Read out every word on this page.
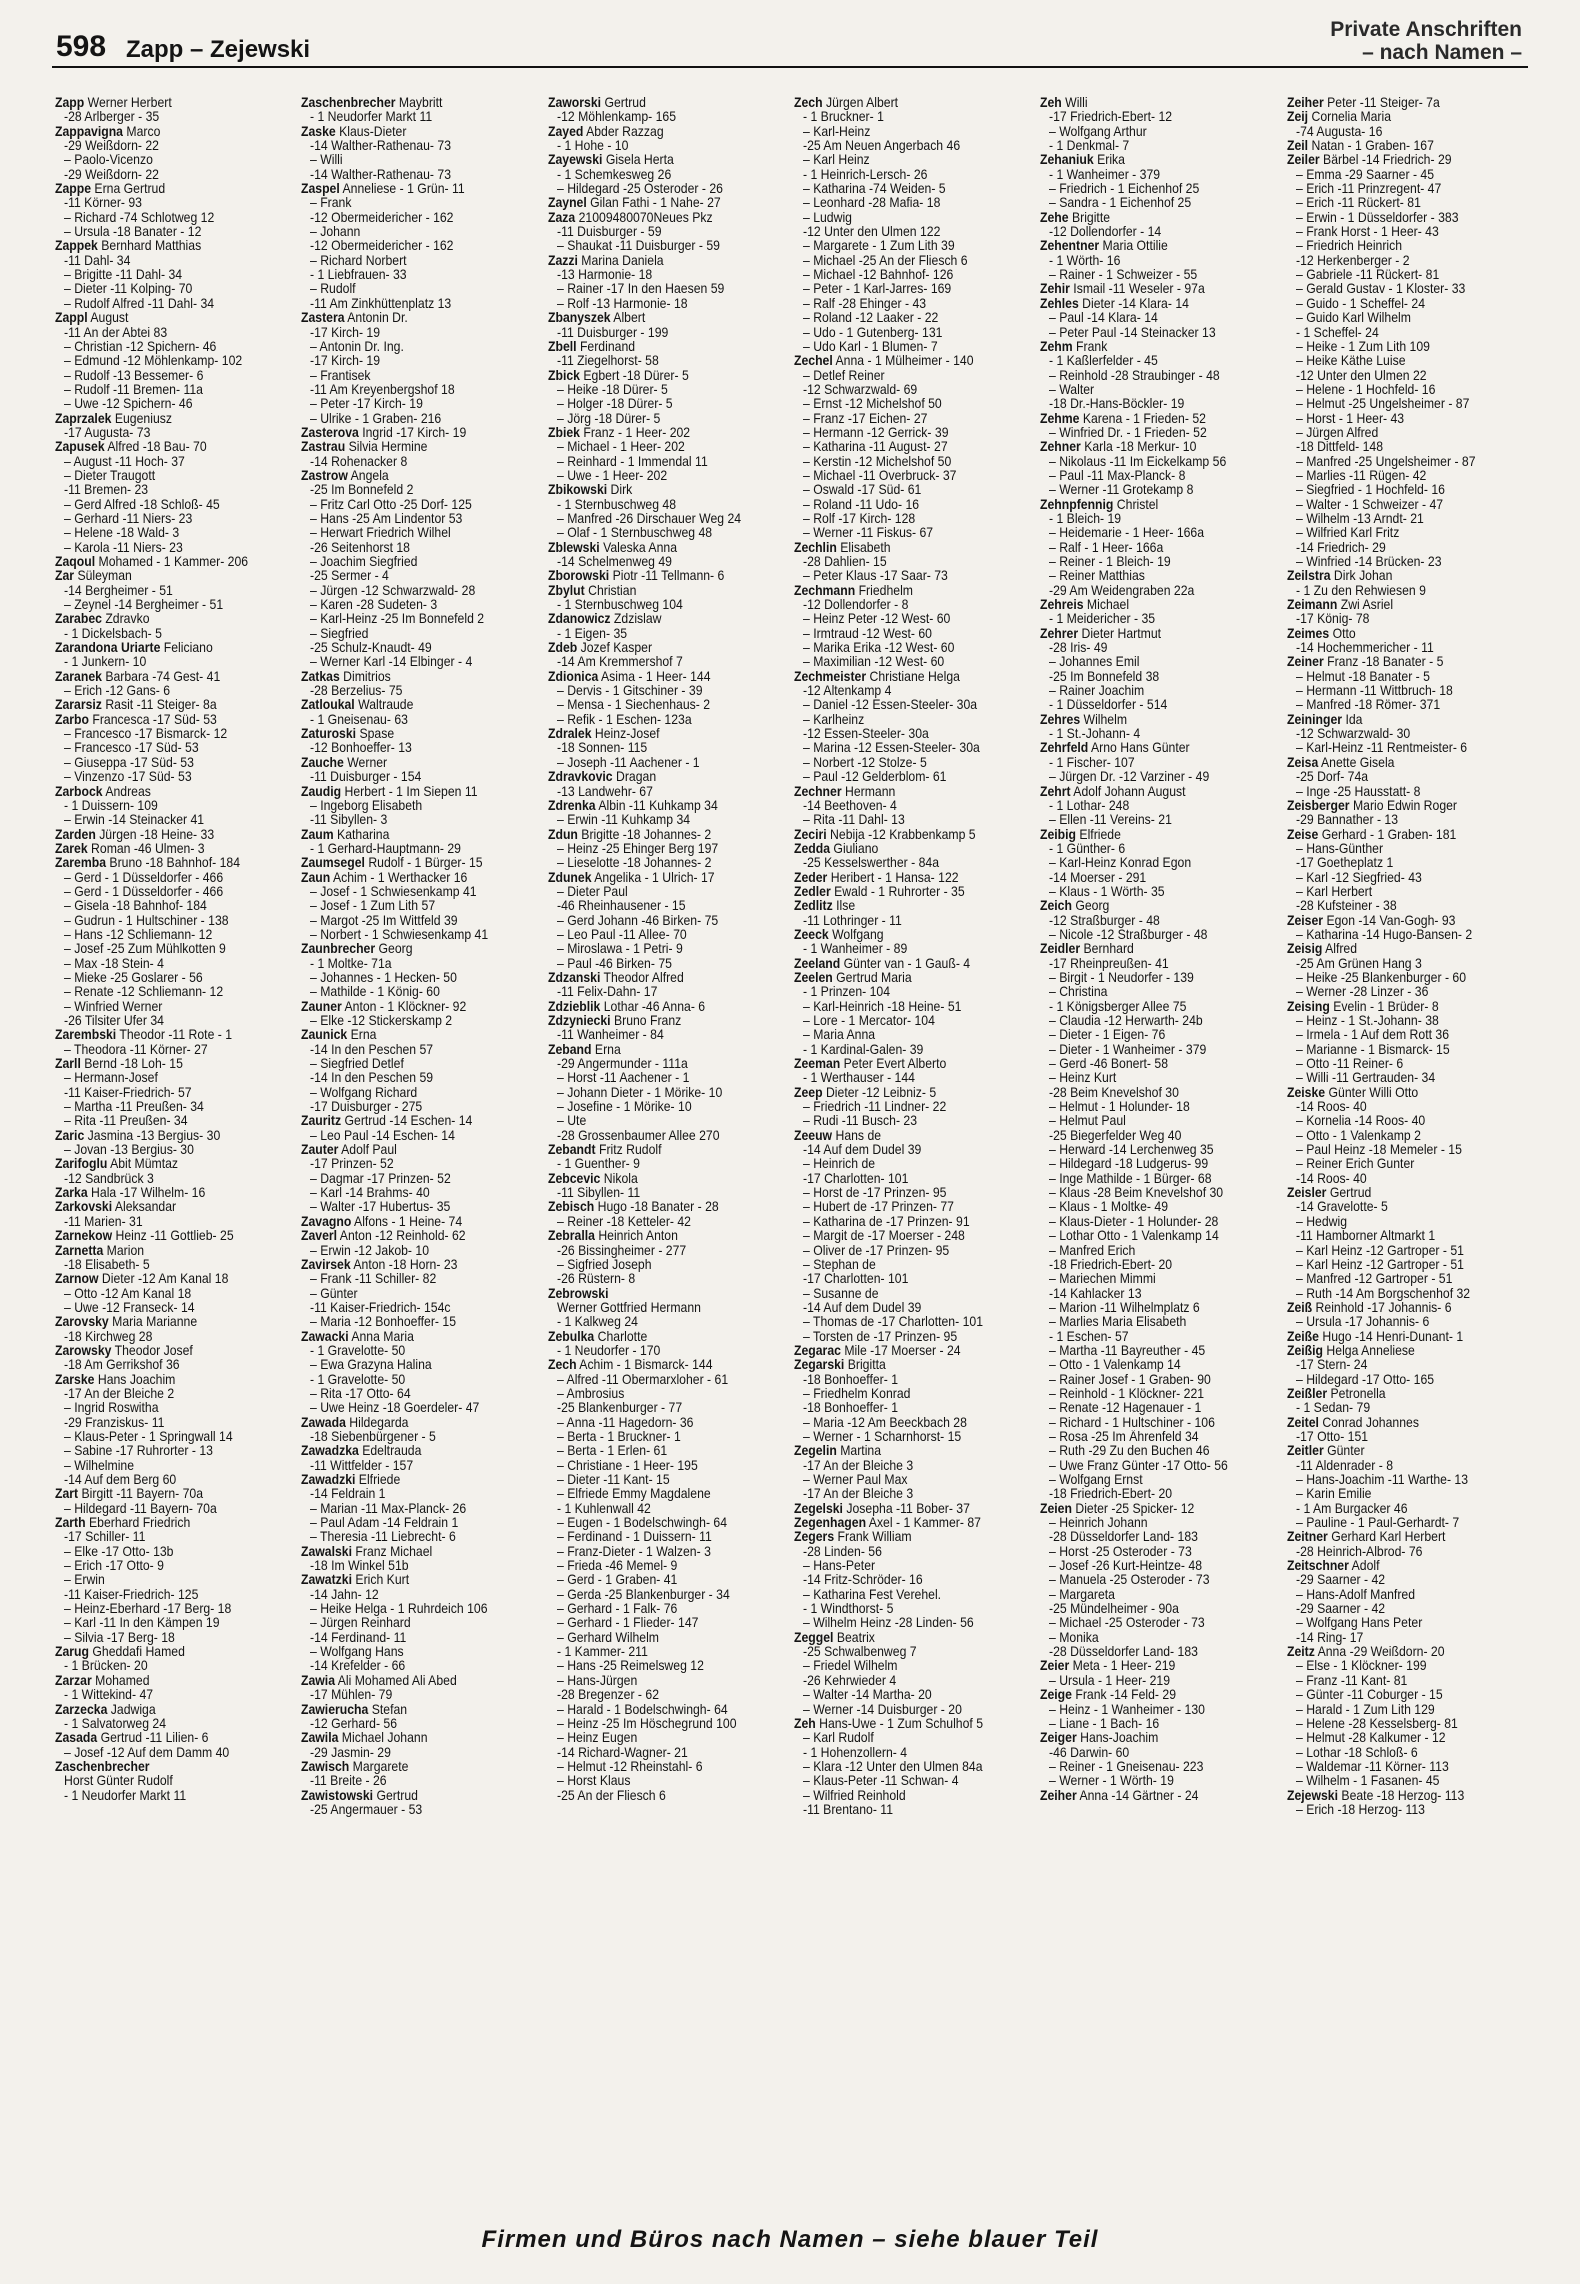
598 Zapp – Zejewski
Private Anschriften
– nach Namen –
Zapp Werner Herbert
-28 Arlberger - 35
Zappavigna Marco
-29 Weißdorn- 22
– Paolo-Vicenzo
-29 Weißdorn- 22
Zappe Erna Gertrud
-11 Körner- 93
– Richard -74 Schlotweg 12
– Ursula -18 Banater - 12
Zappek Bernhard Matthias
-11 Dahl- 34
– Brigitte -11 Dahl- 34
– Dieter -11 Kolping- 70
– Rudolf Alfred -11 Dahl- 34
Zappl August
-11 An der Abtei 83
– Christian -12 Spichern- 46
– Edmund -12 Möhlenkamp- 102
– Rudolf -13 Bessemer- 6
– Rudolf -11 Bremen- 11a
– Uwe -12 Spichern- 46
Zaprzalek Eugeniusz
-17 Augusta- 73
Zapusek Alfred -18 Bau- 70
– August -11 Hoch- 37
– Dieter Traugott
-11 Bremen- 23
– Gerd Alfred -18 Schloß- 45
– Gerhard -11 Niers- 23
– Helene -18 Wald- 3
– Karola -11 Niers- 23
Zaqoul Mohamed - 1 Kammer- 206
Zar Süleyman
-14 Bergheimer - 51
– Zeynel -14 Bergheimer - 51
Zarabec Zdravko
- 1 Dickelsbach- 5
Zarandona Uriarte Feliciano
- 1 Junkern- 10
Zaranek Barbara -74 Gest- 41
– Erich -12 Gans- 6
Zararsiz Rasit -11 Steiger- 8a
Zarbo Francesca -17 Süd- 53
– Francesco -17 Bismarck- 12
– Francesco -17 Süd- 53
– Giuseppa -17 Süd- 53
– Vinzenzo -17 Süd- 53
Zarbock Andreas
- 1 Duissern- 109
– Erwin -14 Steinacker 41
Zarden Jürgen -18 Heine- 33
Zarek Roman -46 Ulmen- 3
Zaremba Bruno -18 Bahnhof- 184
– Gerd - 1 Düsseldorfer - 466
– Gerd - 1 Düsseldorfer - 466
– Gisela -18 Bahnhof- 184
– Gudrun - 1 Hultschiner - 138
– Hans -12 Schliemann- 12
– Josef -25 Zum Mühlkotten 9
– Max -18 Stein- 4
– Mieke -25 Goslarer - 56
– Renate -12 Schliemann- 12
– Winfried Werner
-26 Tilsiter Ufer 34
Zarembski Theodor -11 Rote - 1
– Theodora -11 Körner- 27
Zarll Bernd -18 Loh- 15
– Hermann-Josef
-11 Kaiser-Friedrich- 57
– Martha -11 Preußen- 34
– Rita -11 Preußen- 34
Zaric Jasmina -13 Bergius- 30
– Jovan -13 Bergius- 30
Zarifoglu Abit Mümtaz
-12 Sandbrück 3
Zarka Hala -17 Wilhelm- 16
Zarkovski Aleksandar
-11 Marien- 31
Zarnekow Heinz -11 Gottlieb- 25
Zarnetta Marion
-18 Elisabeth- 5
Zarnow Dieter -12 Am Kanal 18
– Otto -12 Am Kanal 18
– Uwe -12 Franseck- 14
Zarovsky Maria Marianne
-18 Kirchweg 28
Zarowsky Theodor Josef
-18 Am Gerrikshof 36
Zarske Hans Joachim
-17 An der Bleiche 2
– Ingrid Roswitha
-29 Franziskus- 11
– Klaus-Peter - 1 Springwall 14
– Sabine -17 Ruhrorter - 13
– Wilhelmine
-14 Auf dem Berg 60
Zart Birgitt -11 Bayern- 70a
– Hildegard -11 Bayern- 70a
Zarth Eberhard Friedrich
-17 Schiller- 11
– Elke -17 Otto- 13b
– Erich -17 Otto- 9
– Erwin
-11 Kaiser-Friedrich- 125
– Heinz-Eberhard -17 Berg- 18
– Karl -11 In den Kämpen 19
– Silvia -17 Berg- 18
Zarug Gheddafi Hamed
- 1 Brücken- 20
Zarzar Mohamed
- 1 Wittekind- 47
Zarzecka Jadwiga
- 1 Salvatorweg 24
Zasada Gertrud -11 Lilien- 6
– Josef -12 Auf dem Damm 40
Zaschenbrecher
Horst Günter Rudolf
- 1 Neudorfer Markt 11
Zaschenbrecher Maybritt
- 1 Neudorfer Markt 11
Zaske Klaus-Dieter
-14 Walther-Rathenau- 73
– Willi
-14 Walther-Rathenau- 73
Zaspel Anneliese - 1 Grün- 11
– Frank
-12 Obermeidericher - 162
– Johann
-12 Obermeidericher - 162
– Richard Norbert
- 1 Liebfrauen- 33
– Rudolf
-11 Am Zinkhüttenplatz 13
Zastera Antonin Dr.
-17 Kirch- 19
– Antonin Dr. Ing.
-17 Kirch- 19
– Frantisek
-11 Am Kreyenbergshof 18
– Peter -17 Kirch- 19
– Ulrike - 1 Graben- 216
Zasterova Ingrid -17 Kirch- 19
Zastrau Silvia Hermine
-14 Rohenacker 8
Zastrow Angela
-25 Im Bonnefeld 2
– Fritz Carl Otto -25 Dorf- 125
– Hans -25 Am Lindentor 53
– Herwart Friedrich Wilhel
-26 Seitenhorst 18
– Joachim Siegfried
-25 Sermer - 4
– Jürgen -12 Schwarzwald- 28
– Karen -28 Sudeten- 3
– Karl-Heinz -25 Im Bonnefeld 2
– Siegfried
-25 Schulz-Knaudt- 49
– Werner Karl -14 Elbinger - 4
Zatkas Dimitrios
-28 Berzelius- 75
Zatloukal Waltraude
- 1 Gneisenau- 63
Zaturoski Spase
-12 Bonhoeffer- 13
Zauche Werner
-11 Duisburger - 154
Zaudig Herbert - 1 Im Siepen 11
– Ingeborg Elisabeth
-11 Sibyllen- 3
Zaum Katharina
- 1 Gerhard-Hauptmann- 29
Zaumsegel Rudolf - 1 Bürger- 15
Zaun Achim - 1 Werthacker 16
– Josef - 1 Schwiesenkamp 41
– Josef - 1 Zum Lith 57
– Margot -25 Im Wittfeld 39
– Norbert - 1 Schwiesenkamp 41
Zaunbrecher Georg
- 1 Moltke- 71a
– Johannes - 1 Hecken- 50
– Mathilde - 1 König- 60
Zauner Anton - 1 Klöckner- 92
– Elke -12 Stickerskamp 2
Zaunick Erna
-14 In den Peschen 57
– Siegfried Detlef
-14 In den Peschen 59
– Wolfgang Richard
-17 Duisburger - 275
Zauritz Gertrud -14 Eschen- 14
– Leo Paul -14 Eschen- 14
Zauter Adolf Paul
-17 Prinzen- 52
– Dagmar -17 Prinzen- 52
– Karl -14 Brahms- 40
– Walter -17 Hubertus- 35
Zavagno Alfons - 1 Heine- 74
Zaverl Anton -12 Reinhold- 62
– Erwin -12 Jakob- 10
Zavirsek Anton -18 Horn- 23
– Frank -11 Schiller- 82
– Günter
-11 Kaiser-Friedrich- 154c
– Maria -12 Bonhoeffer- 15
Zawacki Anna Maria
- 1 Gravelotte- 50
– Ewa Grazyna Halina
- 1 Gravelotte- 50
– Rita -17 Otto- 64
– Uwe Heinz -18 Goerdeler- 47
Zawada Hildegarda
-18 Siebenbürgener - 5
Zawadzka Edeltrauda
-11 Wittfelder - 157
Zawadzki Elfriede
-14 Feldrain 1
– Marian -11 Max-Planck- 26
– Paul Adam -14 Feldrain 1
– Theresia -11 Liebrecht- 6
Zawalski Franz Michael
-18 Im Winkel 51b
Zawatzki Erich Kurt
-14 Jahn- 12
– Heike Helga - 1 Ruhrdeich 106
– Jürgen Reinhard
-14 Ferdinand- 11
– Wolfgang Hans
-14 Krefelder - 66
Zawia Ali Mohamed Ali Abed
-17 Mühlen- 79
Zawierucha Stefan
-12 Gerhard- 56
Zawila Michael Johann
-29 Jasmin- 29
Zawisch Margarete
-11 Breite - 26
Zawistowski Gertrud
-25 Angermauer - 53
Zaworski Gertrud
-12 Möhlenkamp- 165
Zayed Abder Razzag
- 1 Hohe - 10
Zayewski Gisela Herta
- 1 Schemkesweg 26
– Hildegard -25 Osteroder - 26
Zaynel Gilan Fathi - 1 Nahe- 27
Zaza 21009480070Neues Pkz
-11 Duisburger - 59
– Shaukat -11 Duisburger - 59
Zazzi Marina Daniela
-13 Harmonie- 18
– Rainer -17 In den Haesen 59
– Rolf -13 Harmonie- 18
Zbanyszek Albert
-11 Duisburger - 199
Zbell Ferdinand
-11 Ziegelhorst- 58
Zbick Egbert -18 Dürer- 5
– Heike -18 Dürer- 5
– Holger -18 Dürer- 5
– Jörg -18 Dürer- 5
Zbiek Franz - 1 Heer- 202
– Michael - 1 Heer- 202
– Reinhard - 1 Immendal 11
– Uwe - 1 Heer- 202
Zbikowski Dirk
- 1 Sternbuschweg 48
– Manfred -26 Dirschauer Weg 24
– Olaf - 1 Sternbuschweg 48
Zblewski Valeska Anna
-14 Schelmenweg 49
Zborowski Piotr -11 Tellmann- 6
Zbylut Christian
- 1 Sternbuschweg 104
Zdanowicz Zdzislaw
- 1 Eigen- 35
Zdeb Jozef Kasper
-14 Am Kremmershof 7
Zdionica Asima - 1 Heer- 144
– Dervis - 1 Gitschiner - 39
– Mensa - 1 Siechenhaus- 2
– Refik - 1 Eschen- 123a
Zdralek Heinz-Josef
-18 Sonnen- 115
– Joseph -11 Aachener - 1
Zdravkovic Dragan
-13 Landwehr- 67
Zdrenka Albin -11 Kuhkamp 34
– Erwin -11 Kuhkamp 34
Zdun Brigitte -18 Johannes- 2
– Heinz -25 Ehinger Berg 197
– Lieselotte -18 Johannes- 2
Zdunek Angelika - 1 Ulrich- 17
– Dieter Paul
-46 Rheinhausener - 15
– Gerd Johann -46 Birken- 75
– Leo Paul -11 Allee- 70
– Miroslawa - 1 Petri- 9
– Paul -46 Birken- 75
Zdzanski Theodor Alfred
-11 Felix-Dahn- 17
Zdzieblik Lothar -46 Anna- 6
Zdzyniecki Bruno Franz
-11 Wanheimer - 84
Zeband Erna
-29 Angermunder - 111a
– Horst -11 Aachener - 1
– Johann Dieter - 1 Mörike- 10
– Josefine - 1 Mörike- 10
– Ute
-28 Grossenbaumer Allee 270
Zebandt Fritz Rudolf
- 1 Guenther- 9
Zebcevic Nikola
-11 Sibyllen- 11
Zebisch Hugo -18 Banater - 28
– Reiner -18 Ketteler- 42
Zebralla Heinrich Anton
-26 Bissingheimer - 277
– Sigfried Joseph
-26 Rüstern- 8
Zebrowski
Werner Gottfried Hermann
- 1 Kalkweg 24
Zebulka Charlotte
- 1 Neudorfer - 170
Zech Achim - 1 Bismarck- 144
– Alfred -11 Obermarxloher - 61
– Ambrosius
-25 Blankenburger - 77
– Anna -11 Hagedorn- 36
– Berta - 1 Bruckner- 1
– Berta - 1 Erlen- 61
– Christiane - 1 Heer- 195
– Dieter -11 Kant- 15
– Elfriede Emmy Magdalene
- 1 Kuhlenwall 42
– Eugen - 1 Bodelschwingh- 64
– Ferdinand - 1 Duissern- 11
– Franz-Dieter - 1 Walzen- 3
– Frieda -46 Memel- 9
– Gerd - 1 Graben- 41
– Gerda -25 Blankenburger - 34
– Gerhard - 1 Falk- 76
– Gerhard - 1 Flieder- 147
– Gerhard Wilhelm
- 1 Kammer- 211
– Hans -25 Reimelsweg 12
– Hans-Jürgen
-28 Bregenzer - 62
– Harald - 1 Bodelschwingh- 64
– Heinz -25 Im Höschegrund 100
– Heinz Eugen
-14 Richard-Wagner- 21
– Helmut -12 Rheinstahl- 6
– Horst Klaus
-25 An der Fliesch 6
Zech Jürgen Albert
- 1 Bruckner- 1
– Karl-Heinz
-25 Am Neuen Angerbach 46
– Karl Heinz
- 1 Heinrich-Lersch- 26
– Katharina -74 Weiden- 5
– Leonhard -28 Mafia- 18
– Ludwig
-12 Unter den Ulmen 122
– Margarete - 1 Zum Lith 39
– Michael -25 An der Fliesch 6
– Michael -12 Bahnhof- 126
– Peter - 1 Karl-Jarres- 169
– Ralf -28 Ehinger - 43
– Roland -12 Laaker - 22
– Udo - 1 Gutenberg- 131
– Udo Karl - 1 Blumen- 7
Zechel Anna - 1 Mülheimer - 140
– Detlef Reiner
-12 Schwarzwald- 69
– Ernst -12 Michelshof 50
– Franz -17 Eichen- 27
– Hermann -12 Gerrick- 39
– Katharina -11 August- 27
– Kerstin -12 Michelshof 50
– Michael -11 Overbruck- 37
– Oswald -17 Süd- 61
– Roland -11 Udo- 16
– Rolf -17 Kirch- 128
– Werner -11 Fiskus- 67
Zechlin Elisabeth
-28 Dahlien- 15
– Peter Klaus -17 Saar- 73
Zechmann Friedhelm
-12 Dollendorfer - 8
– Heinz Peter -12 West- 60
– Irmtraud -12 West- 60
– Marika Erika -12 West- 60
– Maximilian -12 West- 60
Zechmeister Christiane Helga
-12 Altenkamp 4
– Daniel -12 Essen-Steeler- 30a
– Karlheinz
-12 Essen-Steeler- 30a
– Marina -12 Essen-Steeler- 30a
– Norbert -12 Stolze- 5
– Paul -12 Gelderblom- 61
Zechner Hermann
-14 Beethoven- 4
– Rita -11 Dahl- 13
Zeciri Nebija -12 Krabbenkamp 5
Zedda Giuliano
-25 Kesselswerther - 84a
Zeder Heribert - 1 Hansa- 122
Zedler Ewald - 1 Ruhrorter - 35
Zedlitz Ilse
-11 Lothringer - 11
Zeeck Wolfgang
- 1 Wanheimer - 89
Zeeland Günter van - 1 Gauß- 4
Zeelen Gertrud Maria
- 1 Prinzen- 104
– Karl-Heinrich -18 Heine- 51
– Lore - 1 Mercator- 104
– Maria Anna
- 1 Kardinal-Galen- 39
Zeeman Peter Evert Alberto
- 1 Werthauser - 144
Zeep Dieter -12 Leibniz- 5
– Friedrich -11 Lindner- 22
– Rudi -11 Busch- 23
Zeeuw Hans de
-14 Auf dem Dudel 39
– Heinrich de
-17 Charlotten- 101
– Horst de -17 Prinzen- 95
– Hubert de -17 Prinzen- 77
– Katharina de -17 Prinzen- 91
– Margit de -17 Moerser - 248
– Oliver de -17 Prinzen- 95
– Stephan de
-17 Charlotten- 101
– Susanne de
-14 Auf dem Dudel 39
– Thomas de -17 Charlotten- 101
– Torsten de -17 Prinzen- 95
Zegarac Mile -17 Moerser - 24
Zegarski Brigitta
-18 Bonhoeffer- 1
– Friedhelm Konrad
-18 Bonhoeffer- 1
– Maria -12 Am Beeckbach 28
– Werner - 1 Scharnhorst- 15
Zegelin Martina
-17 An der Bleiche 3
– Werner Paul Max
-17 An der Bleiche 3
Zegelski Josepha -11 Bober- 37
Zegenhagen Axel - 1 Kammer- 87
Zegers Frank William
-28 Linden- 56
– Hans-Peter
-14 Fritz-Schröder- 16
– Katharina Fest Verehel.
- 1 Windthorst- 5
– Wilhelm Heinz -28 Linden- 56
Zeggel Beatrix
-25 Schwalbenweg 7
– Friedel Wilhelm
-26 Kehrwieder 4
– Walter -14 Martha- 20
– Werner -14 Duisburger - 20
Zeh Hans-Uwe - 1 Zum Schulhof 5
– Karl Rudolf
- 1 Hohenzollern- 4
– Klara -12 Unter den Ulmen 84a
– Klaus-Peter -11 Schwan- 4
– Wilfried Reinhold
-11 Brentano- 11
Zeh Willi
-17 Friedrich-Ebert- 12
– Wolfgang Arthur
- 1 Denkmal- 7
Zehaniuk Erika
- 1 Wanheimer - 379
– Friedrich - 1 Eichenhof 25
– Sandra - 1 Eichenhof 25
Zehe Brigitte
-12 Dollendorfer - 14
Zehentner Maria Ottilie
- 1 Wörth- 16
– Rainer - 1 Schweizer - 55
Zehir Ismail -11 Weseler - 97a
Zehles Dieter -14 Klara- 14
– Paul -14 Klara- 14
– Peter Paul -14 Steinacker 13
Zehm Frank
- 1 Kaßlerfelder - 45
– Reinhold -28 Straubinger - 48
– Walter
-18 Dr.-Hans-Böckler- 19
Zehme Karena - 1 Frieden- 52
– Winfried Dr. - 1 Frieden- 52
Zehner Karla -18 Merkur- 10
– Nikolaus -11 Im Eickelkamp 56
– Paul -11 Max-Planck- 8
– Werner -11 Grotekamp 8
Zehnpfennig Christel
- 1 Bleich- 19
– Heidemarie - 1 Heer- 166a
– Ralf - 1 Heer- 166a
– Reiner - 1 Bleich- 19
– Reiner Matthias
-29 Am Weidengraben 22a
Zehreis Michael
- 1 Meidericher - 35
Zehrer Dieter Hartmut
-28 Iris- 49
– Johannes Emil
-25 Im Bonnefeld 38
– Rainer Joachim
- 1 Düsseldorfer - 514
Zehres Wilhelm
- 1 St.-Johann- 4
Zehrfeld Arno Hans Günter
- 1 Fischer- 107
– Jürgen Dr. -12 Varziner - 49
Zehrt Adolf Johann August
- 1 Lothar- 248
– Ellen -11 Vereins- 21
Zeibig Elfriede
- 1 Günther- 6
– Karl-Heinz Konrad Egon
-14 Moerser - 291
– Klaus - 1 Wörth- 35
Zeich Georg
-12 Straßburger - 48
– Nicole -12 Straßburger - 48
Zeidler Bernhard
-17 Rheinpreußen- 41
– Birgit - 1 Neudorfer - 139
– Christina
- 1 Königsberger Allee 75
– Claudia -12 Herwarth- 24b
– Dieter - 1 Eigen- 76
– Dieter - 1 Wanheimer - 379
– Gerd -46 Bonert- 58
– Heinz Kurt
-28 Beim Knevelshof 30
– Helmut - 1 Holunder- 18
– Helmut Paul
-25 Biegerfelder Weg 40
– Herward -14 Lerchenweg 35
– Hildegard -18 Ludgerus- 99
– Inge Mathilde - 1 Bürger- 68
– Klaus -28 Beim Knevelshof 30
– Klaus - 1 Moltke- 49
– Klaus-Dieter - 1 Holunder- 28
– Lothar Otto - 1 Valenkamp 14
– Manfred Erich
-18 Friedrich-Ebert- 20
– Mariechen Mimmi
-14 Kahlacker 13
– Marion -11 Wilhelmplatz 6
– Marlies Maria Elisabeth
- 1 Eschen- 57
– Martha -11 Bayreuther - 45
– Otto - 1 Valenkamp 14
– Rainer Josef - 1 Graben- 90
– Reinhold - 1 Klöckner- 221
– Renate -12 Hagenauer - 1
– Richard - 1 Hultschiner - 106
– Rosa -25 Im Ährenfeld 34
– Ruth -29 Zu den Buchen 46
– Uwe Franz Günter -17 Otto- 56
– Wolfgang Ernst
-18 Friedrich-Ebert- 20
Zeien Dieter -25 Spicker- 12
– Heinrich Johann
-28 Düsseldorfer Land- 183
– Horst -25 Osteroder - 73
– Josef -26 Kurt-Heintze- 48
– Manuela -25 Osteroder - 73
– Margareta
-25 Mündelheimer - 90a
– Michael -25 Osteroder - 73
– Monika
-28 Düsseldorfer Land- 183
Zeier Meta - 1 Heer- 219
– Ursula - 1 Heer- 219
Zeige Frank -14 Feld- 29
– Heinz - 1 Wanheimer - 130
– Liane - 1 Bach- 16
Zeiger Hans-Joachim
-46 Darwin- 60
– Reiner - 1 Gneisenau- 223
– Werner - 1 Wörth- 19
Zeiher Anna -14 Gärtner - 24
Zeiher Peter -11 Steiger- 7a
Zeij Cornelia Maria
-74 Augusta- 16
Zeil Natan - 1 Graben- 167
Zeiler Bärbel -14 Friedrich- 29
– Emma -29 Saarner - 45
– Erich -11 Prinzregent- 47
– Erich -11 Rückert- 81
– Erwin - 1 Düsseldorfer - 383
– Frank Horst - 1 Heer- 43
– Friedrich Heinrich
-12 Herkenberger - 2
– Gabriele -11 Rückert- 81
– Gerald Gustav - 1 Kloster- 33
– Guido - 1 Scheffel- 24
– Guido Karl Wilhelm
- 1 Scheffel- 24
– Heike - 1 Zum Lith 109
– Heike Käthe Luise
-12 Unter den Ulmen 22
– Helene - 1 Hochfeld- 16
– Helmut -25 Ungelsheimer - 87
– Horst - 1 Heer- 43
– Jürgen Alfred
-18 Dittfeld- 148
– Manfred -25 Ungelsheimer - 87
– Marlies -11 Rügen- 42
– Siegfried - 1 Hochfeld- 16
– Walter - 1 Schweizer - 47
– Wilhelm -13 Arndt- 21
– Wilfried Karl Fritz
-14 Friedrich- 29
– Winfried -14 Brücken- 23
Zeilstra Dirk Johan
- 1 Zu den Rehwiesen 9
Zeimann Zwi Asriel
-17 König- 78
Zeimes Otto
-14 Hochemmericher - 11
Zeiner Franz -18 Banater - 5
– Helmut -18 Banater - 5
– Hermann -11 Wittbruch- 18
– Manfred -18 Römer- 371
Zeininger Ida
-12 Schwarzwald- 30
– Karl-Heinz -11 Rentmeister- 6
Zeisa Anette Gisela
-25 Dorf- 74a
– Inge -25 Hausstatt- 8
Zeisberger Mario Edwin Roger
-29 Bannather - 13
Zeise Gerhard - 1 Graben- 181
– Hans-Günther
-17 Goetheplatz 1
– Karl -12 Siegfried- 43
– Karl Herbert
-28 Kufsteiner - 38
Zeiser Egon -14 Van-Gogh- 93
– Katharina -14 Hugo-Bansen- 2
Zeisig Alfred
-25 Am Grünen Hang 3
– Heike -25 Blankenburger - 60
– Werner -28 Linzer - 36
Zeising Evelin - 1 Brüder- 8
– Heinz - 1 St.-Johann- 38
– Irmela - 1 Auf dem Rott 36
– Marianne - 1 Bismarck- 15
– Otto -11 Reiner- 6
– Willi -11 Gertrauden- 34
Zeiske Günter Willi Otto
-14 Roos- 40
– Kornelia -14 Roos- 40
– Otto - 1 Valenkamp 2
– Paul Heinz -18 Memeler - 15
– Reiner Erich Gunter
-14 Roos- 40
Zeisler Gertrud
-14 Gravelotte- 5
– Hedwig
-11 Hamborner Altmarkt 1
– Karl Heinz -12 Gartroper - 51
– Karl Heinz -12 Gartroper - 51
– Manfred -12 Gartroper - 51
– Ruth -14 Am Borgschenhof 32
Zeiß Reinhold -17 Johannis- 6
– Ursula -17 Johannis- 6
Zeiße Hugo -14 Henri-Dunant- 1
Zeißig Helga Anneliese
-17 Stern- 24
– Hildegard -17 Otto- 165
Zeißler Petronella
- 1 Sedan- 79
Zeitel Conrad Johannes
-17 Otto- 151
Zeitler Günter
-11 Aldenrader - 8
– Hans-Joachim -11 Warthe- 13
– Karin Emilie
- 1 Am Burgacker 46
– Pauline - 1 Paul-Gerhardt- 7
Zeitner Gerhard Karl Herbert
-28 Heinrich-Albrod- 76
Zeitschner Adolf
-29 Saarner - 42
– Hans-Adolf Manfred
-29 Saarner - 42
– Wolfgang Hans Peter
-14 Ring- 17
Zeitz Anna -29 Weißdorn- 20
– Else - 1 Klöckner- 199
– Franz -11 Kant- 81
– Günter -11 Coburger - 15
– Harald - 1 Zum Lith 129
– Helene -28 Kesselsberg- 81
– Helmut -28 Kalkumer - 12
– Lothar -18 Schloß- 6
– Waldemar -11 Körner- 113
– Wilhelm - 1 Fasanen- 45
Zejewski Beate -18 Herzog- 113
– Erich -18 Herzog- 113
Firmen und Büros nach Namen – siehe blauer Teil
